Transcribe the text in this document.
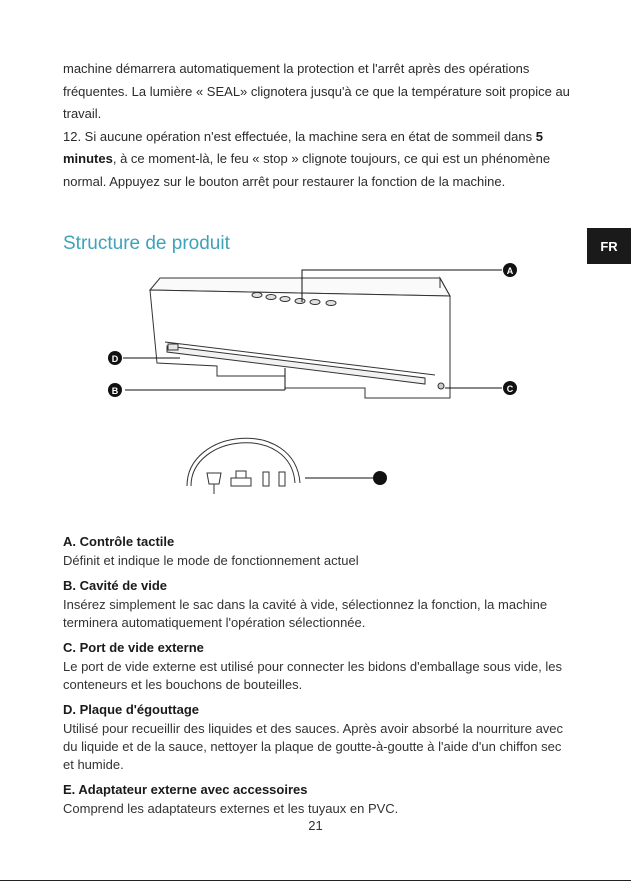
machine démarrera automatiquement la protection et l'arrêt après des opérations fréquentes. La lumière « SEAL» clignotera jusqu'à ce que la température soit propice au travail.

12. Si aucune opération n'est effectuée, la machine sera en état de sommeil dans 5 minutes, à ce moment-là, le feu « stop » clignote toujours, ce qui est un phénomène normal. Appuyez sur le bouton arrêt pour restaurer la fonction de la machine.

FR
Structure de produit
A
D
B	C
A. Contrôle tactile

Définit et indique le mode de fonctionnement actuel

B. Cavité de vide

Insérez simplement le sac dans la cavité à vide, sélectionnez la fonction, la machine terminera automatiquement l'opération sélectionnée.

C. Port de vide externe

Le port de vide externe est utilisé pour connecter les bidons d'emballage sous vide, les conteneurs et les bouchons de bouteilles.

D. Plaque d'égouttage

Utilisé pour recueillir des liquides et des sauces. Après avoir absorbé la nourriture avec du liquide et de la sauce, nettoyer la plaque de goutte-à-goutte à l'aide d'un chiffon sec et humide.

E. Adaptateur externe avec accessoires

Comprend les adaptateurs externes et les tuyaux en PVC.

21
